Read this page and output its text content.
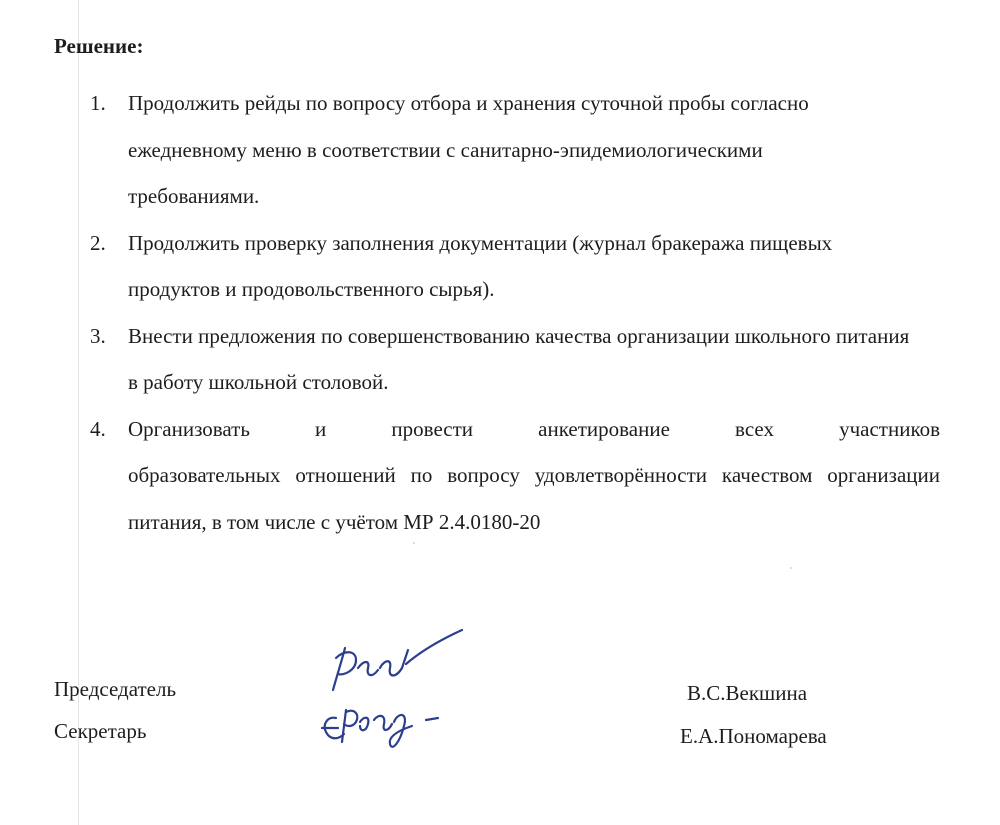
Решение:
1.	Продолжить рейды по вопросу отбора и хранения суточной пробы согласно ежедневному меню в соответствии с санитарно-эпидемиологическими требованиями.
2.	Продолжить проверку заполнения документации (журнал бракеража пищевых продуктов и продовольственного сырья).
3.	Внести предложения по совершенствованию качества организации школьного питания в работу школьной столовой.
4.	Организовать и провести анкетирование всех участников
образовательных отношений по вопросу удовлетворённости качеством организации питания, в том числе с учётом МР 2.4.0180-20
Председатель
Секретарь
В.С.Векшина
Е.А.Пономарева
